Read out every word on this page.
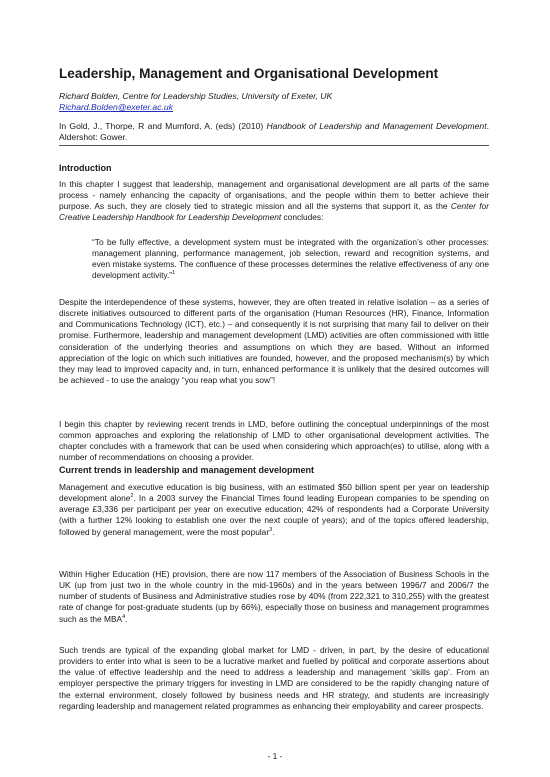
Leadership, Management and Organisational Development
Richard Bolden, Centre for Leadership Studies, University of Exeter, UK
Richard.Bolden@exeter.ac.uk
In Gold, J., Thorpe, R and Mumford, A. (eds) (2010) Handbook of Leadership and Management Development. Aldershot: Gower.
Introduction
In this chapter I suggest that leadership, management and organisational development are all parts of the same process - namely enhancing the capacity of organisations, and the people within them to better achieve their purpose. As such, they are closely tied to strategic mission and all the systems that support it, as the Center for Creative Leadership Handbook for Leadership Development concludes:
“To be fully effective, a development system must be integrated with the organization’s other processes: management planning, performance management, job selection, reward and recognition systems, and even mistake systems. The confluence of these processes determines the relative effectiveness of any one development activity.”$^1$
Despite the interdependence of these systems, however, they are often treated in relative isolation – as a series of discrete initiatives outsourced to different parts of the organisation (Human Resources (HR), Finance, Information and Communications Technology (ICT), etc.) – and consequently it is not surprising that many fail to deliver on their promise. Furthermore, leadership and management development (LMD) activities are often commissioned with little consideration of the underlying theories and assumptions on which they are based. Without an informed appreciation of the logic on which such initiatives are founded, however, and the proposed mechanism(s) by which they may lead to improved capacity and, in turn, enhanced performance it is unlikely that the desired outcomes will be achieved - to use the analogy “you reap what you sow”!
I begin this chapter by reviewing recent trends in LMD, before outlining the conceptual underpinnings of the most common approaches and exploring the relationship of LMD to other organisational development activities. The chapter concludes with a framework that can be used when considering which approach(es) to utilise, along with a number of recommendations on choosing a provider.
Current trends in leadership and management development
Management and executive education is big business, with an estimated $50 billion spent per year on leadership development alone$^2$. In a 2003 survey the Financial Times found leading European companies to be spending on average £3,336 per participant per year on executive education; 42% of respondents had a Corporate University (with a further 12% looking to establish one over the next couple of years); and of the topics offered leadership, followed by general management, were the most popular$^3$.
Within Higher Education (HE) provision, there are now 117 members of the Association of Business Schools in the UK (up from just two in the whole country in the mid-1960s) and in the years between 1996/7 and 2006/7 the number of students of Business and Administrative studies rose by 40% (from 222,321 to 310,255) with the greatest rate of change for post-graduate students (up by 66%), especially those on business and management programmes such as the MBA$^4$.
Such trends are typical of the expanding global market for LMD - driven, in part, by the desire of educational providers to enter into what is seen to be a lucrative market and fuelled by political and corporate assertions about the value of effective leadership and the need to address a leadership and management ‘skills gap’. From an employer perspective the primary triggers for investing in LMD are considered to be the rapidly changing nature of the external environment, closely followed by business needs and HR strategy, and students are increasingly regarding leadership and management related programmes as enhancing their employability and career prospects.
- 1 -
